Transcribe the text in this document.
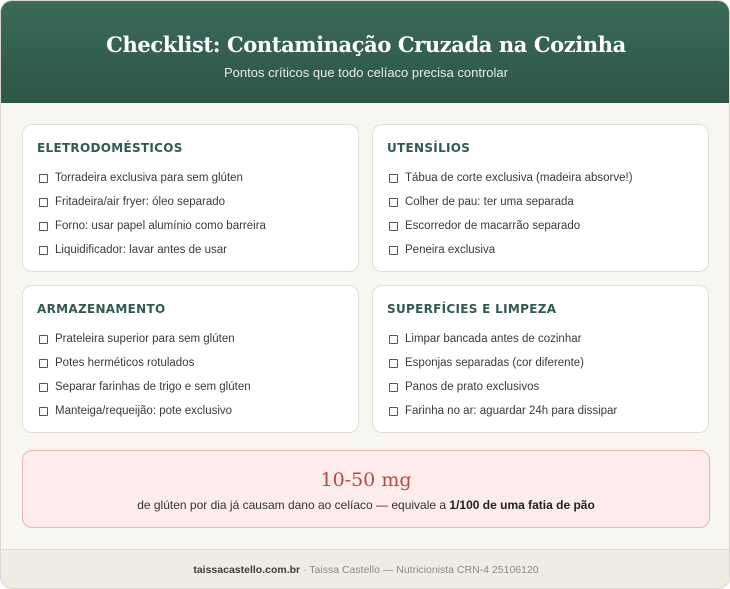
Checklist: Contaminação Cruzada na Cozinha

Pontos críticos que todo celíaco precisa controlar

ELETRODOMÉSTICOS
Torradeira exclusiva para sem glúten
Fritadeira/air fryer: óleo separado
Forno: usar papel alumínio como barreira
Liquidificador: lavar antes de usar
UTENSÍLIOS
Tábua de corte exclusiva (madeira absorve!)
Colher de pau: ter uma separada
Escorredor de macarrão separado
Peneira exclusiva
ARMAZENAMENTO
Prateleira superior para sem glúten
Potes herméticos rotulados
Separar farinhas de trigo e sem glúten
Manteiga/requeijão: pote exclusivo
SUPERFÍCIES E LIMPEZA
Limpar bancada antes de cozinhar
Esponjas separadas (cor diferente)
Panos de prato exclusivos
Farinha no ar: aguardar 24h para dissipar
10-50 mg
de glúten por dia já causam dano ao celíaco — equivale a 1/100 de uma fatia de pão
taissacastello.com.br · Taissa Castello — Nutricionista CRN-4 25106120
